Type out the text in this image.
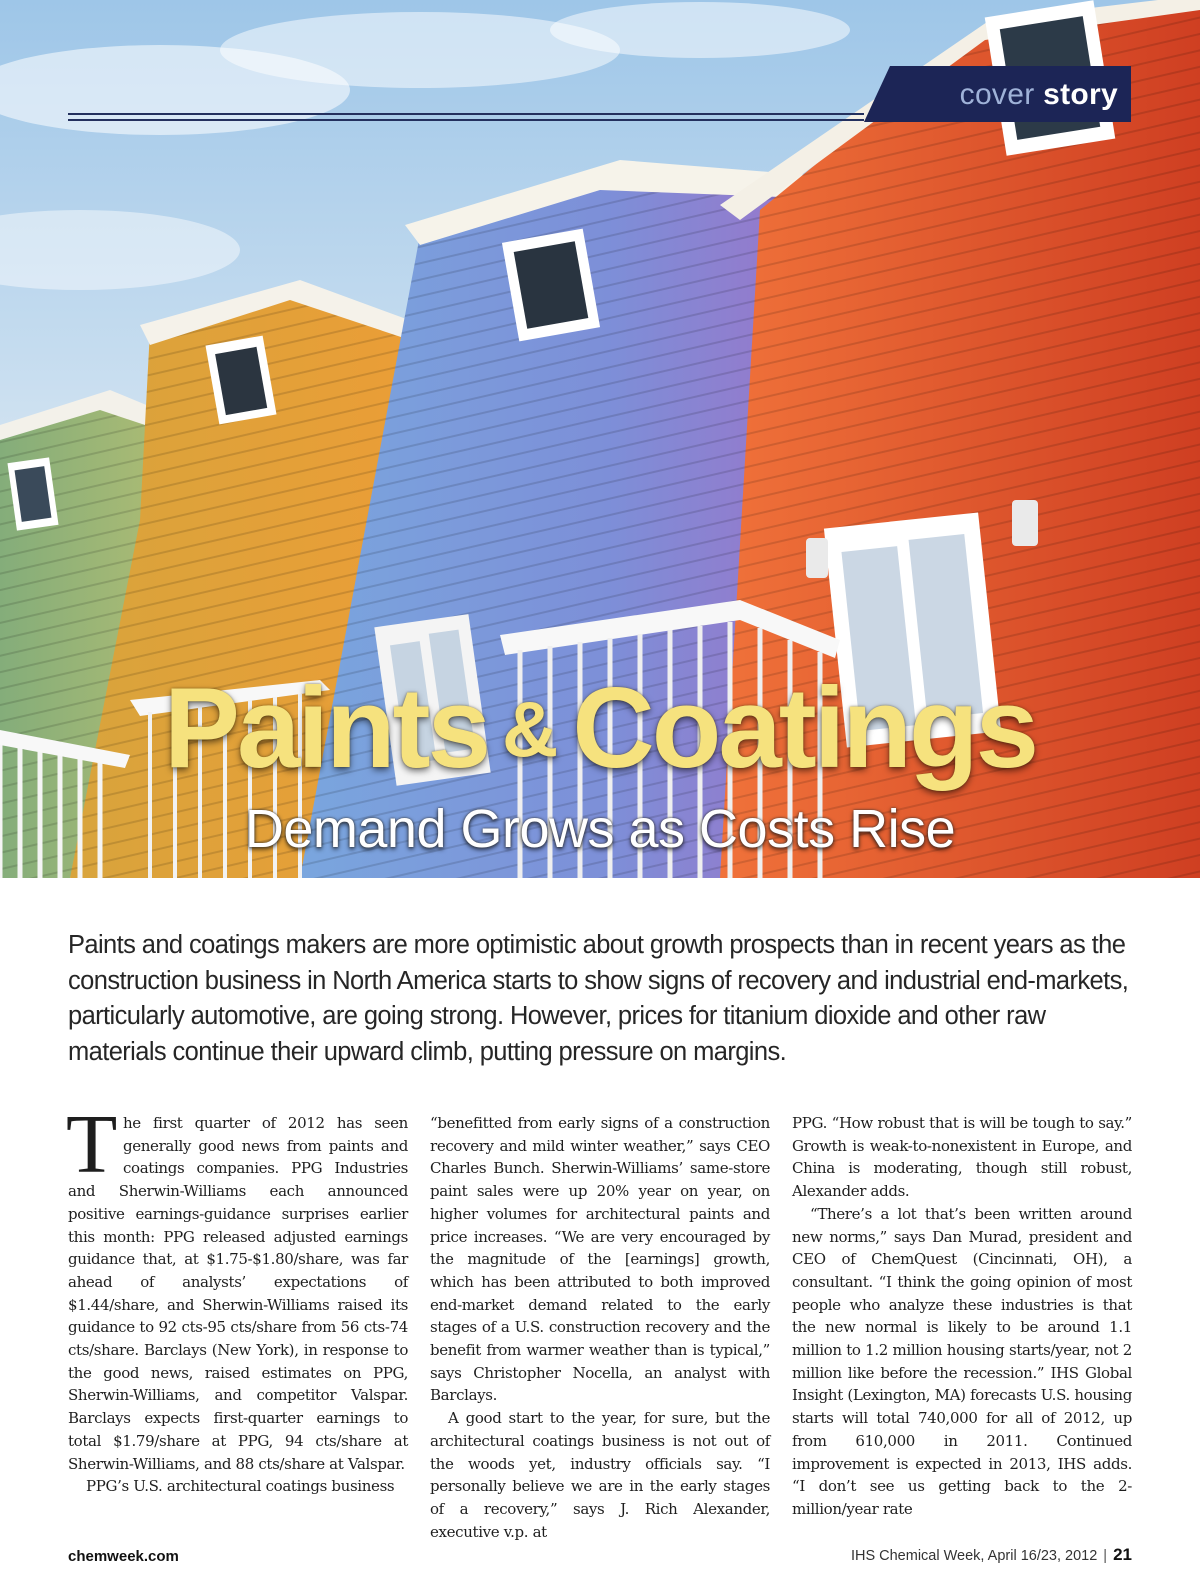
cover story
Paints & Coatings
Demand Grows as Costs Rise

Paints and coatings makers are more optimistic about growth prospects than in recent years as the construction business in North America starts to show signs of recovery and industrial end-markets, particularly automotive, are going strong. However, prices for titanium dioxide and other raw materials continue their upward climb, putting pressure on margins.

The first quarter of 2012 has seen generally good news from paints and coatings companies. PPG Industries and Sherwin-Williams each announced positive earnings-guidance surprises earlier this month: PPG released adjusted earnings guidance that, at $1.75-$1.80/share, was far ahead of analysts’ expectations of $1.44/share, and Sherwin-Williams raised its guidance to 92 cts-95 cts/share from 56 cts-74 cts/share. Barclays (New York), in response to the good news, raised estimates on PPG, Sherwin-Williams, and competitor Valspar. Barclays expects first-quarter earnings to total $1.79/share at PPG, 94 cts/share at Sherwin-Williams, and 88 cts/share at Valspar.

PPG’s U.S. architectural coatings business

“benefitted from early signs of a construction recovery and mild winter weather,” says CEO Charles Bunch. Sherwin-Williams’ same-store paint sales were up 20% year on year, on higher volumes for architectural paints and price increases. “We are very encouraged by the magnitude of the [earnings] growth, which has been attributed to both improved end-market demand related to the early stages of a U.S. construction recovery and the benefit from warmer weather than is typical,” says Christopher Nocella, an analyst with Barclays.

A good start to the year, for sure, but the architectural coatings business is not out of the woods yet, industry officials say. “I personally believe we are in the early stages of a recovery,” says J. Rich Alexander, executive v.p. at

PPG. “How robust that is will be tough to say.” Growth is weak-to-nonexistent in Europe, and China is moderating, though still robust, Alexander adds.

“There’s a lot that’s been written around new norms,” says Dan Murad, president and CEO of ChemQuest (Cincinnati, OH), a consultant. “I think the going opinion of most people who analyze these industries is that the new normal is likely to be around 1.1 million to 1.2 million housing starts/year, not 2 million like before the recession.” IHS Global Insight (Lexington, MA) forecasts U.S. housing starts will total 740,000 for all of 2012, up from 610,000 in 2011. Continued improvement is expected in 2013, IHS adds. “I don’t see us getting back to the 2-million/year rate

chemweek.com	IHS Chemical Week, April 16/23, 2012 | 21
